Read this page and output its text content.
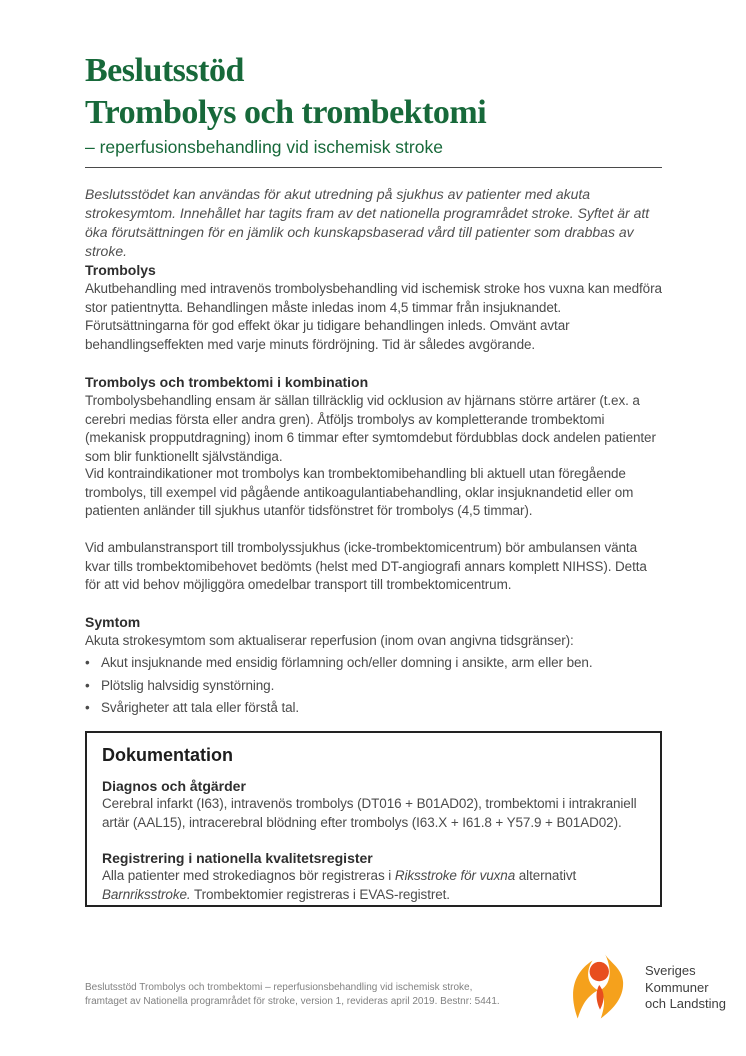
Beslutsstöd
Trombolys och trombektomi
– reperfusionsbehandling vid ischemisk stroke
Beslutsstödet kan användas för akut utredning på sjukhus av patienter med akuta strokesymtom. Innehållet har tagits fram av det nationella programrådet stroke. Syftet är att öka förutsättningen för en jämlik och kunskapsbaserad vård till patienter som drabbas av stroke.
Trombolys
Akutbehandling med intravenös trombolysbehandling vid ischemisk stroke hos vuxna kan medföra stor patientnytta. Behandlingen måste inledas inom 4,5 timmar från insjuknandet. Förutsättningarna för god effekt ökar ju tidigare behandlingen inleds. Omvänt avtar behandlingseffekten med varje minuts fördröjning. Tid är således avgörande.
Trombolys och trombektomi i kombination
Trombolysbehandling ensam är sällan tillräcklig vid ocklusion av hjärnans större artärer (t.ex. a cerebri medias första eller andra gren). Åtföljs trombolys av kompletterande trombektomi (mekanisk propputdragning) inom 6 timmar efter symtomdebut fördubblas dock andelen patienter som blir funktionellt självständiga.
Vid kontraindikationer mot trombolys kan trombektomibehandling bli aktuell utan föregående trombolys, till exempel vid pågående antikoagulantiabehandling, oklar insjuknandetid eller om patienten anländer till sjukhus utanför tidsfönstret för trombolys (4,5 timmar).
Vid ambulanstransport till trombolyssjukhus (icke-trombektomicentrum) bör ambulansen vänta kvar tills trombektomibehovet bedömts (helst med DT-angiografi annars komplett NIHSS). Detta för att vid behov möjliggöra omedelbar transport till trombektomicentrum.
Symtom
Akuta strokesymtom som aktualiserar reperfusion (inom ovan angivna tidsgränser):
• Akut insjuknande med ensidig förlamning och/eller domning i ansikte, arm eller ben.
• Plötslig halvsidig synstörning.
• Svårigheter att tala eller förstå tal.
Dokumentation
Diagnos och åtgärder
Cerebral infarkt (I63), intravenös trombolys (DT016 + B01AD02), trombektomi i intrakraniell artär (AAL15), intracerebral blödning efter trombolys (I63.X + I61.8 + Y57.9 + B01AD02).
Registrering i nationella kvalitetsregister
Alla patienter med strokediagnos bör registreras i Riksstroke för vuxna alternativt Barnriksstroke. Trombektomier registreras i EVAS-registret.
Beslutsstöd Trombolys och trombektomi – reperfusionsbehandling vid ischemisk stroke,
framtaget av Nationella programrådet för stroke, version 1, revideras april 2019. Bestnr: 5441.
Sveriges
Kommuner
och Landsting
